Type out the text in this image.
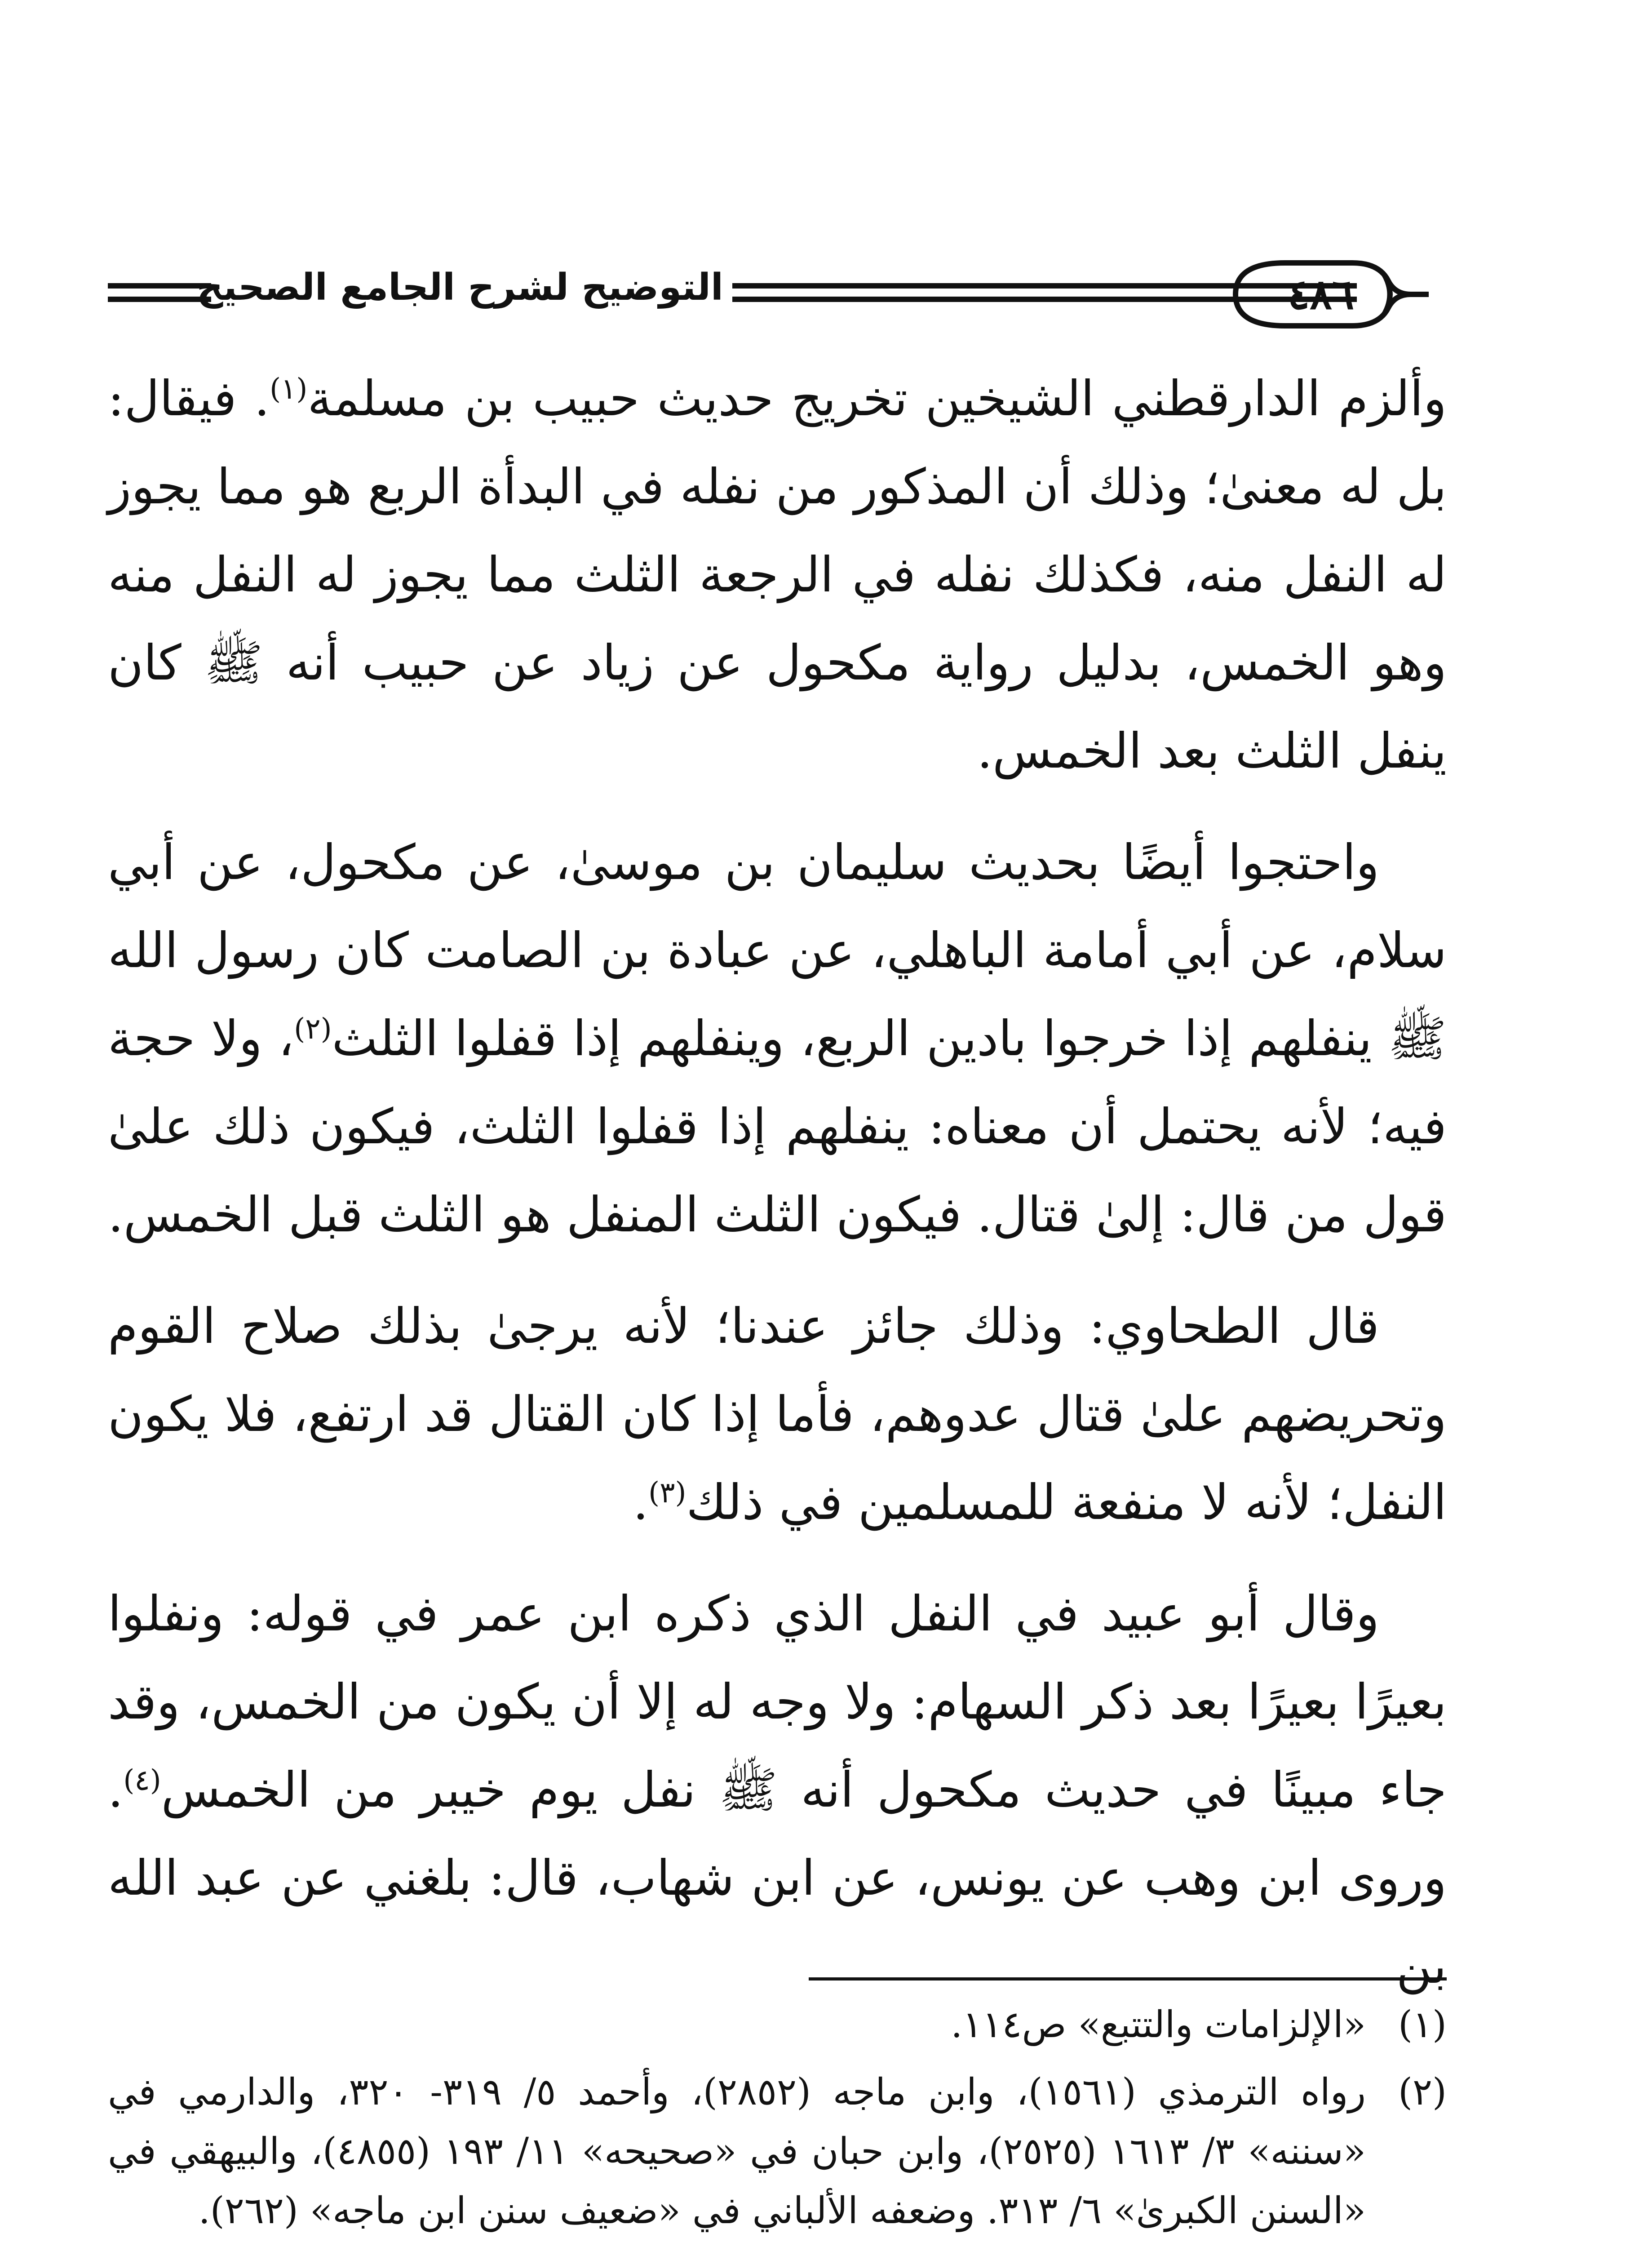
التوضيح لشرح الجامع الصحيح	٤٨٦

وألزم الدارقطني الشيخين تخريج حديث حبيب بن مسلمة$^{(١)}$. فيقال: بل له معنىٰ؛ وذلك أن المذكور من نفله في البدأة الربع هو مما يجوز له النفل منه، فكذلك نفله في الرجعة الثلث مما يجوز له النفل منه وهو الخمس، بدليل رواية مكحول عن زياد عن حبيب أنه ﷺ كان ينفل الثلث بعد الخمس.

واحتجوا أيضًا بحديث سليمان بن موسىٰ، عن مكحول، عن أبي سلام، عن أبي أمامة الباهلي، عن عبادة بن الصامت كان رسول الله ﷺ ينفلهم إذا خرجوا بادين الربع، وينفلهم إذا قفلوا الثلث$^{(٢)}$، ولا حجة فيه؛ لأنه يحتمل أن معناه: ينفلهم إذا قفلوا الثلث، فيكون ذلك علىٰ قول من قال: إلىٰ قتال. فيكون الثلث المنفل هو الثلث قبل الخمس.

قال الطحاوي: وذلك جائز عندنا؛ لأنه يرجىٰ بذلك صلاح القوم وتحريضهم علىٰ قتال عدوهم، فأما إذا كان القتال قد ارتفع، فلا يكون النفل؛ لأنه لا منفعة للمسلمين في ذلك$^{(٣)}$.

وقال أبو عبيد في النفل الذي ذكره ابن عمر في قوله: ونفلوا بعيرًا بعيرًا بعد ذكر السهام: ولا وجه له إلا أن يكون من الخمس، وقد جاء مبينًا في حديث مكحول أنه ﷺ نفل يوم خيبر من الخمس$^{(٤)}$. وروى ابن وهب عن يونس، عن ابن شهاب، قال: بلغني عن عبد الله بن

(١)
«الإلزامات والتتبع» ص١١٤.
(٢)
رواه الترمذي (١٥٦١)، وابن ماجه (٢٨٥٢)، وأحمد ٥/ ٣١٩- ٣٢٠، والدارمي في «سننه» ٣/ ١٦١٣ (٢٥٢٥)، وابن حبان في «صحيحه» ١١/ ١٩٣ (٤٨٥٥)، والبيهقي في «السنن الكبرىٰ» ٦/ ٣١٣. وضعفه الألباني في «ضعيف سنن ابن ماجه» (٢٦٢).
